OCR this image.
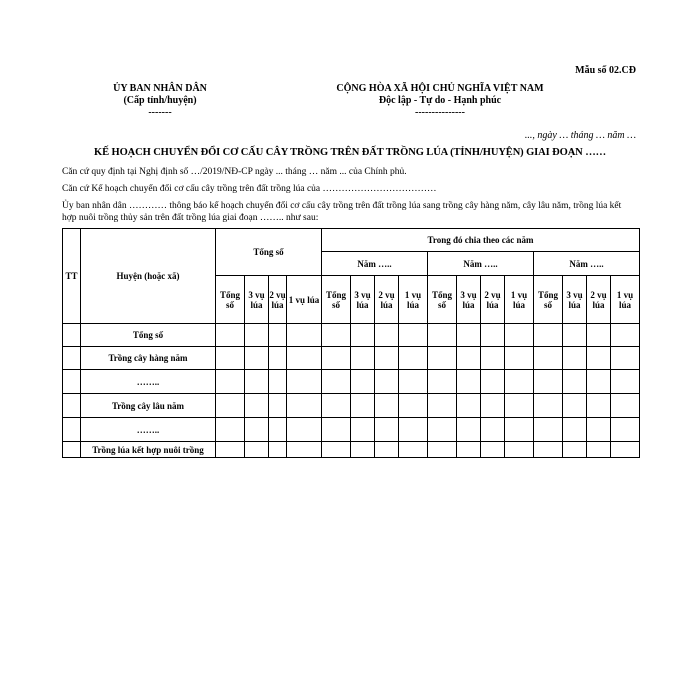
Mẫu số 02.CĐ
ỦY BAN NHÂN DÂN
(Cấp tỉnh/huyện)
-------
CỘNG HÒA XÃ HỘI CHỦ NGHĨA VIỆT NAM
Độc lập - Tự do - Hạnh phúc
---------------
..., ngày … tháng … năm …
KẾ HOẠCH CHUYỂN ĐỔI CƠ CẤU CÂY TRỒNG TRÊN ĐẤT TRỒNG LÚA (TỈNH/HUYỆN) GIAI ĐOẠN ……
Căn cứ quy định tại Nghị định số …/2019/NĐ-CP ngày ... tháng … năm ... của Chính phủ.
Căn cứ Kế hoạch chuyển đổi cơ cấu cây trồng trên đất trồng lúa của ………………………………
Ủy ban nhân dân ………… thông báo kế hoạch chuyển đổi cơ cấu cây trồng trên đất trồng lúa sang trồng cây hàng năm, cây lâu năm, trồng lúa kết hợp nuôi trồng thủy sản trên đất trồng lúa giai đoạn …….. như sau:
TT	Huyện (hoặc xã)	Tổng số				Trong đó chia theo các năm											
						Năm …..				Năm …..				Năm …..			
		Tổng số	3 vụ lúa	2 vụ lúa	1 vụ lúa	Tổng số	3 vụ lúa	2 vụ lúa	1 vụ lúa	Tổng số	3 vụ lúa	2 vụ lúa	1 vụ lúa	Tổng số	3 vụ lúa	2 vụ lúa	1 vụ lúa
	Tổng số																
	Trồng cây hàng năm																
	……..																
	Trồng cây lâu năm																
	……..																
	Trồng lúa kết hợp nuôi trồng																
